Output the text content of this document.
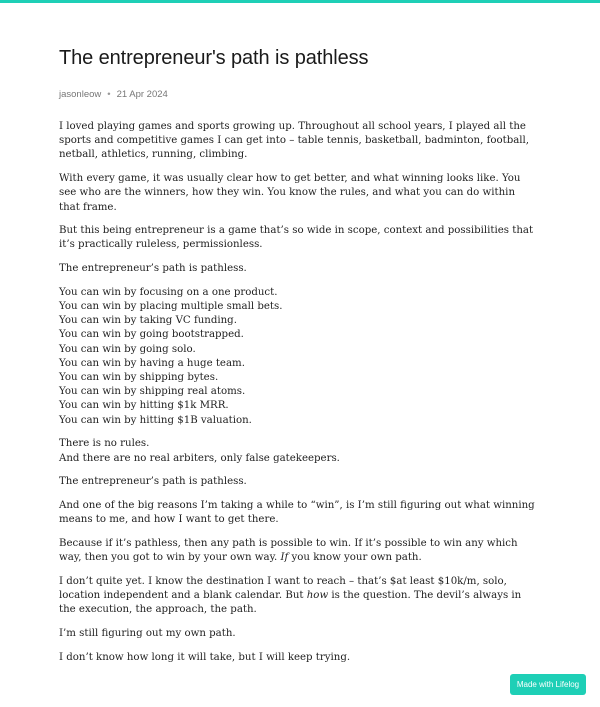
The entrepreneur's path is pathless
jasonleow • 21 Apr 2024

I loved playing games and sports growing up. Throughout all school years, I played all the sports and competitive games I can get into – table tennis, basketball, badminton, football, netball, athletics, running, climbing.

With every game, it was usually clear how to get better, and what winning looks like. You see who are the winners, how they win. You know the rules, and what you can do within that frame.

But this being entrepreneur is a game that’s so wide in scope, context and possibilities that it’s practically ruleless, permissionless.

The entrepreneur’s path is pathless.

You can win by focusing on a one product.
You can win by placing multiple small bets.
You can win by taking VC funding.
You can win by going bootstrapped.
You can win by going solo.
You can win by having a huge team.
You can win by shipping bytes.
You can win by shipping real atoms.
You can win by hitting $1k MRR.
You can win by hitting $1B valuation.

There is no rules.
And there are no real arbiters, only false gatekeepers.

The entrepreneur’s path is pathless.

And one of the big reasons I’m taking a while to “win”, is I’m still figuring out what winning means to me, and how I want to get there.

Because if it’s pathless, then any path is possible to win. If it’s possible to win any which way, then you got to win by your own way. If you know your own path.

I don’t quite yet. I know the destination I want to reach – that’s $at least $10k/m, solo, location independent and a blank calendar. But how is the question. The devil’s always in the execution, the approach, the path.

I’m still figuring out my own path.

I don’t know how long it will take, but I will keep trying.

Made with Lifelog
